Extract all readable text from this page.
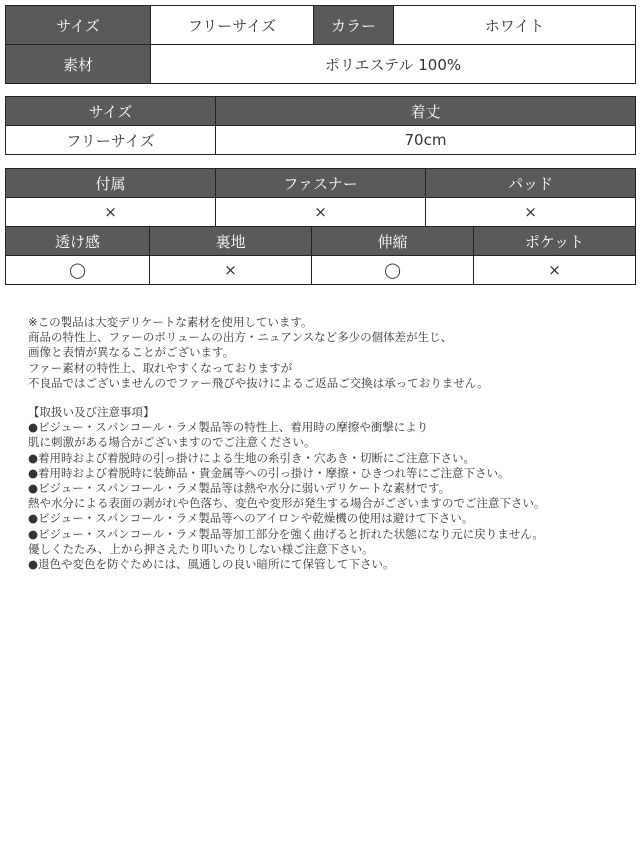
サイズ	フリーサイズ	カラー	ホワイト
素材	ポリエステル 100%		
サイズ	着丈
フリーサイズ	70cm
付属	ファスナー	パッド
×	×	×
透け感	裏地	伸縮	ポケット
◯	×	◯	×

※この製品は大変デリケートな素材を使用しています。

商品の特性上、ファーのボリュームの出方・ニュアンスなど多少の個体差が生じ、

画像と表情が異なることがございます。

ファー素材の特性上、取れやすくなっておりますが

不良品ではございませんのでファー飛びや抜けによるご返品ご交換は承っておりません。

【取扱い及び注意事項】

●ビジュー・スパンコール・ラメ製品等の特性上、着用時の摩擦や衝撃により

肌に刺激がある場合がございますのでご注意ください。

●着用時および着脱時の引っ掛けによる生地の糸引き・穴あき・切断にご注意下さい。

●着用時および着脱時に装飾品・貴金属等への引っ掛け・摩擦・ひきつれ等にご注意下さい。

●ビジュー・スパンコール・ラメ製品等は熱や水分に弱いデリケートな素材です。

熱や水分による表面の剥がれや色落ち、変色や変形が発生する場合がございますのでご注意下さい。

●ビジュー・スパンコール・ラメ製品等へのアイロンや乾燥機の使用は避けて下さい。

●ビジュー・スパンコール・ラメ製品等加工部分を強く曲げると折れた状態になり元に戻りません。

優しくたたみ、上から押さえたり叩いたりしない様ご注意下さい。

●退色や変色を防ぐためには、風通しの良い暗所にて保管して下さい。
